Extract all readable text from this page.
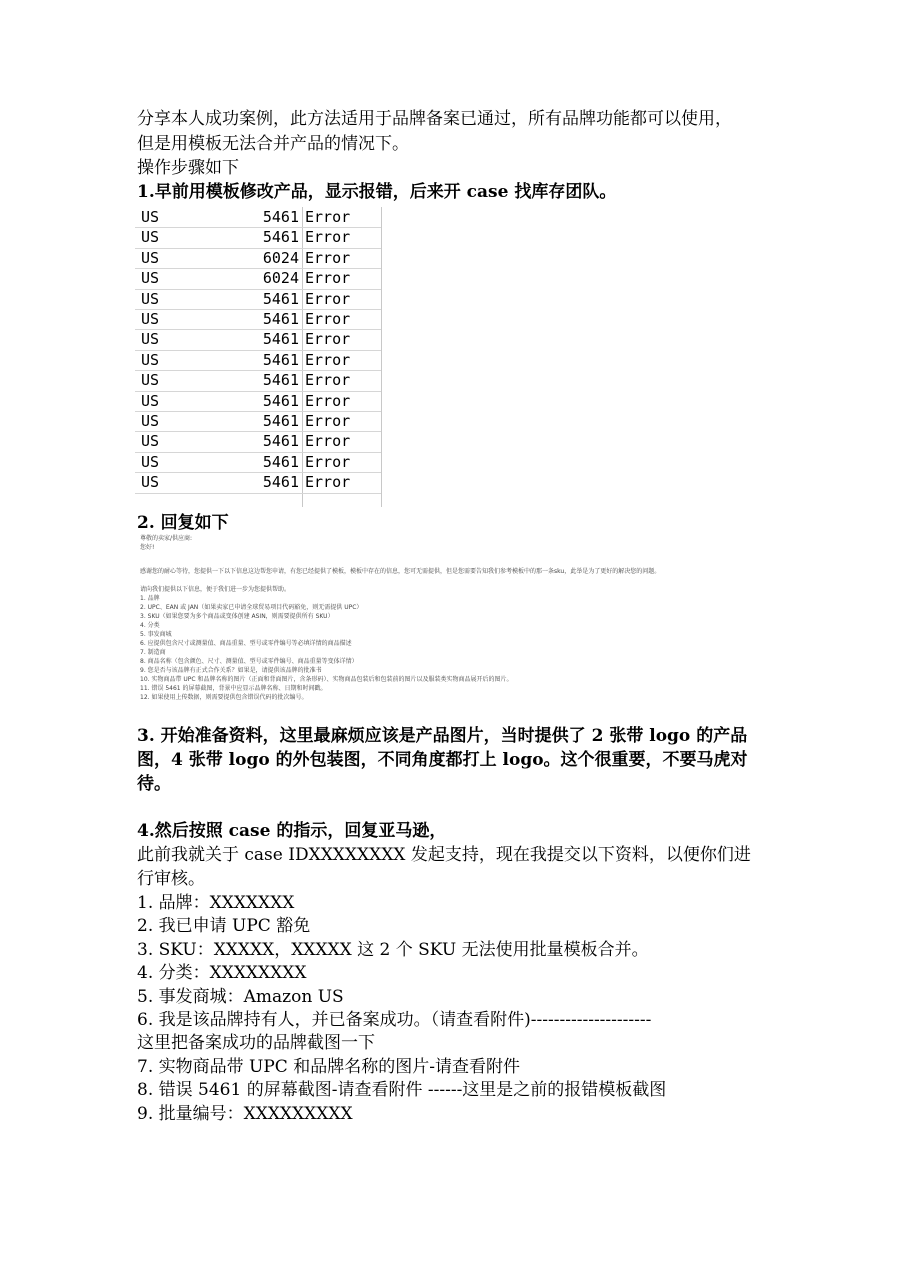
分享本人成功案例，此方法适用于品牌备案已通过，所有品牌功能都可以使用，
但是用模板无法合并产品的情况下。
操作步骤如下
1.早前用模板修改产品，显示报错，后来开 case 找库存团队。
US	5461 Error
US	5461 Error
US	6024 Error
US	6024 Error
US	5461 Error
US	5461 Error
US	5461 Error
US	5461 Error
US	5461 Error
US	5461 Error
US	5461 Error
US	5461 Error
US	5461 Error
US	5461 Error
2. 回复如下
尊敬的卖家/供应商:
您好!
感谢您的耐心等待，您提供一下以下信息这边帮您申请，有您已经提供了模板，模板中存在的信息，您可无需提供，但是您需要告知我们参考模板中的那一条sku，此举是为了更好的解决您的问题。
请向我们提供以下信息，便于我们进一步为您提供帮助。
1. 品牌
2. UPC、EAN 或 JAN（如果卖家已申请全球贸易项目代码豁免，则无需提供 UPC）
3. SKU（如果您要为多个商品或变体创建 ASIN，则需要提供所有 SKU）
4. 分类
5. 事发商城
6. 应提供包含尺寸或测量值、商品重量、型号或零件编号等必填详情的商品描述
7. 制造商
8. 商品名称（包含颜色、尺寸、测量值、型号或零件编号、商品重量等变体详情）
9. 您是否与该品牌有正式合作关系？如果是，请提供该品牌的批准书
10. 实物商品带 UPC 和品牌名称的图片（正面和背面图片，含条形码）、实物商品包装后和包装前的图片以及服装类实物商品展开后的图片。
11. 错误 5461 的屏幕截图，背景中应显示品牌名称、日期和时间戳。
12. 如果使用上传数据，则需要提供包含错误代码的批次编号。
3. 开始准备资料，这里最麻烦应该是产品图片，当时提供了 2 张带 logo 的产品
图，4 张带 logo 的外包装图，不同角度都打上 logo。这个很重要，不要马虎对
待。
4.然后按照 case 的指示，回复亚马逊，
此前我就关于 case IDXXXXXXXX 发起支持，现在我提交以下资料，以便你们进
行审核。
1. 品牌：XXXXXXX
2. 我已申请 UPC 豁免
3. SKU：XXXXX，XXXXX 这 2 个 SKU 无法使用批量模板合并。
4. 分类：XXXXXXXX
5. 事发商城：Amazon US
6. 我是该品牌持有人，并已备案成功。（请查看附件)---------------------
这里把备案成功的品牌截图一下
7. 实物商品带 UPC 和品牌名称的图片-请查看附件
8. 错误 5461 的屏幕截图-请查看附件 ------这里是之前的报错模板截图
9. 批量编号：XXXXXXXXX
